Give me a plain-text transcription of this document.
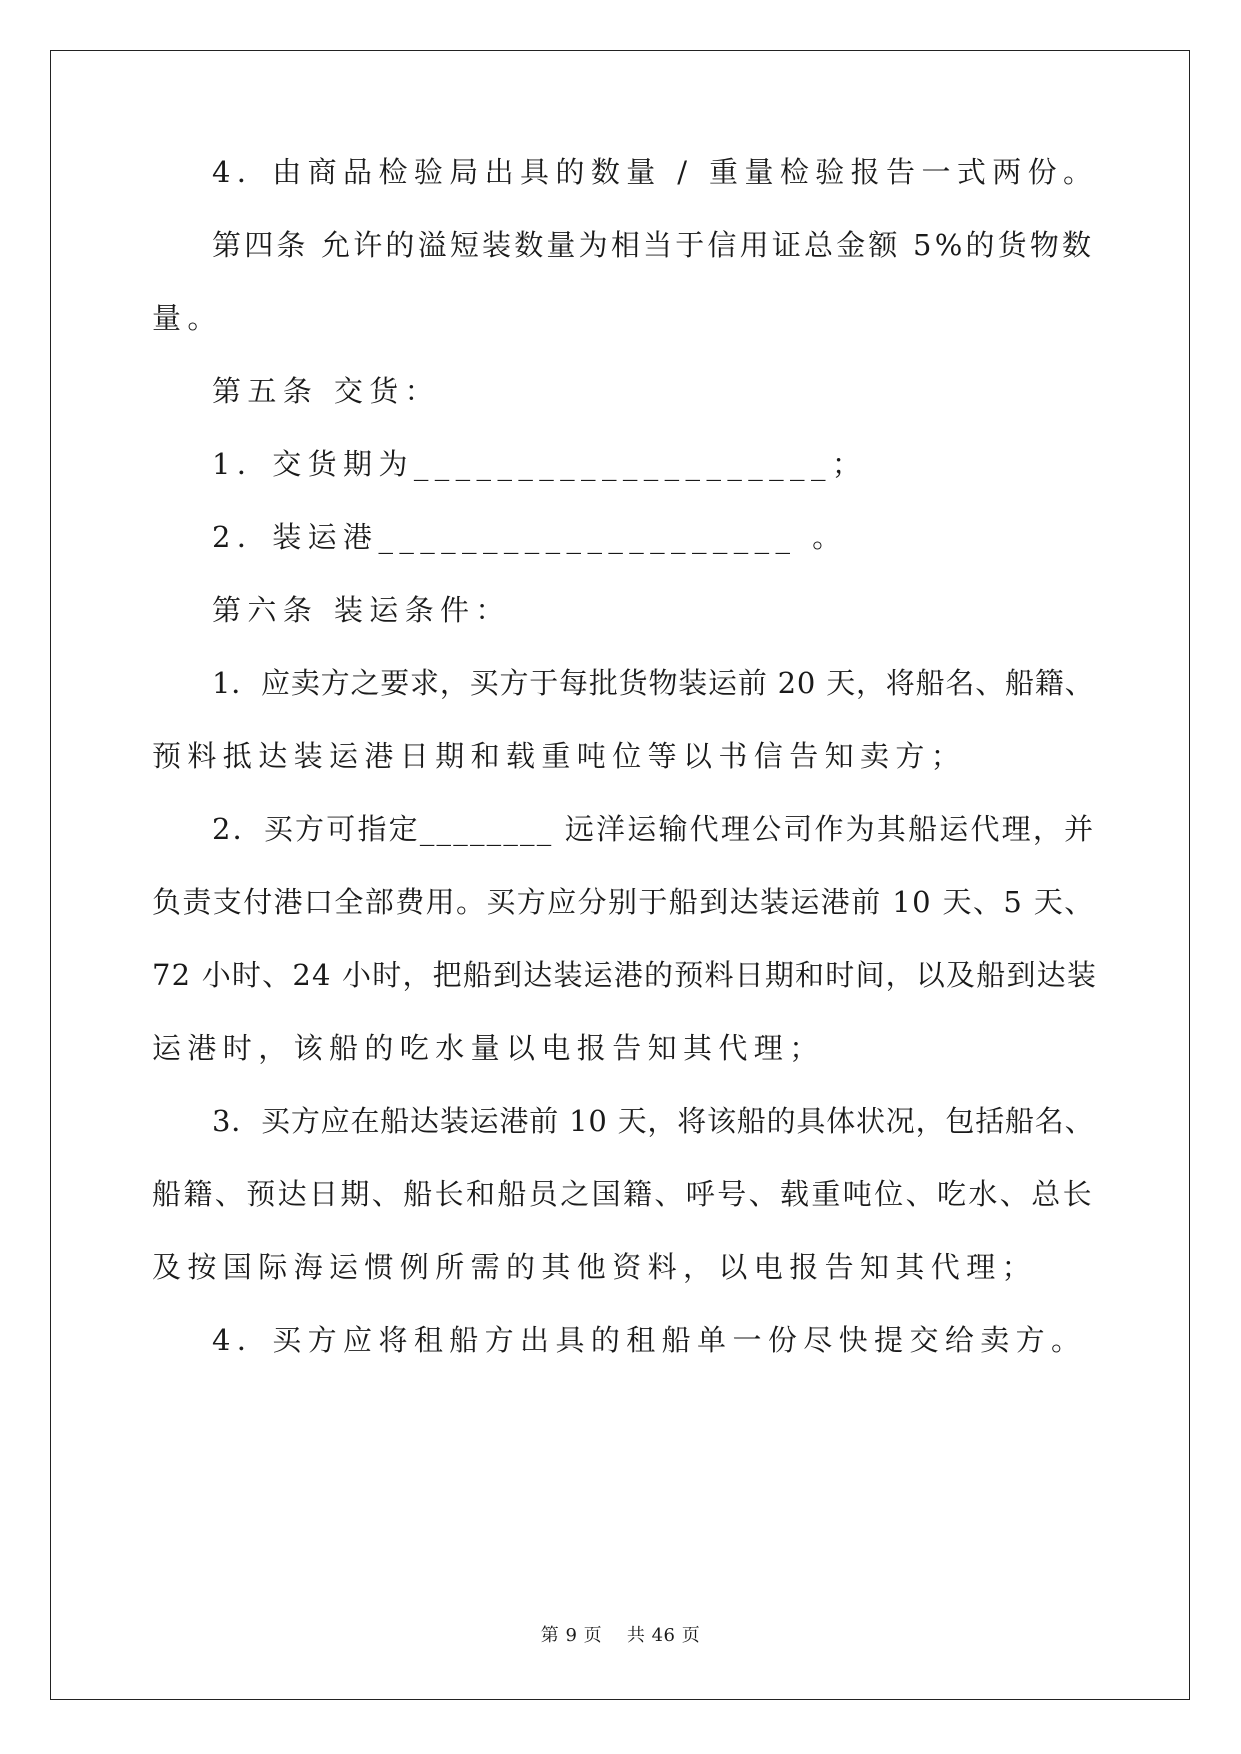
4．由商品检验局出具的数量 / 重量检验报告一式两份。
第四条 允许的溢短装数量为相当于信用证总金额 5%的货物数
量。
第五条 交货：
1．交货期为____________________；
2．装运港____________________ 。
第六条 装运条件：
1．应卖方之要求，买方于每批货物装运前 20 天，将船名、船籍、
预料抵达装运港日期和载重吨位等以书信告知卖方；
2．买方可指定________ 远洋运输代理公司作为其船运代理，并
负责支付港口全部费用。买方应分别于船到达装运港前 10 天、5 天、
72 小时、24 小时，把船到达装运港的预料日期和时间，以及船到达装
运港时，该船的吃水量以电报告知其代理；
3．买方应在船达装运港前 10 天，将该船的具体状况，包括船名、
船籍、预达日期、船长和船员之国籍、呼号、载重吨位、吃水、总长
及按国际海运惯例所需的其他资料，以电报告知其代理；
4．买方应将租船方出具的租船单一份尽快提交给卖方。
第 9 页　 共 46 页
